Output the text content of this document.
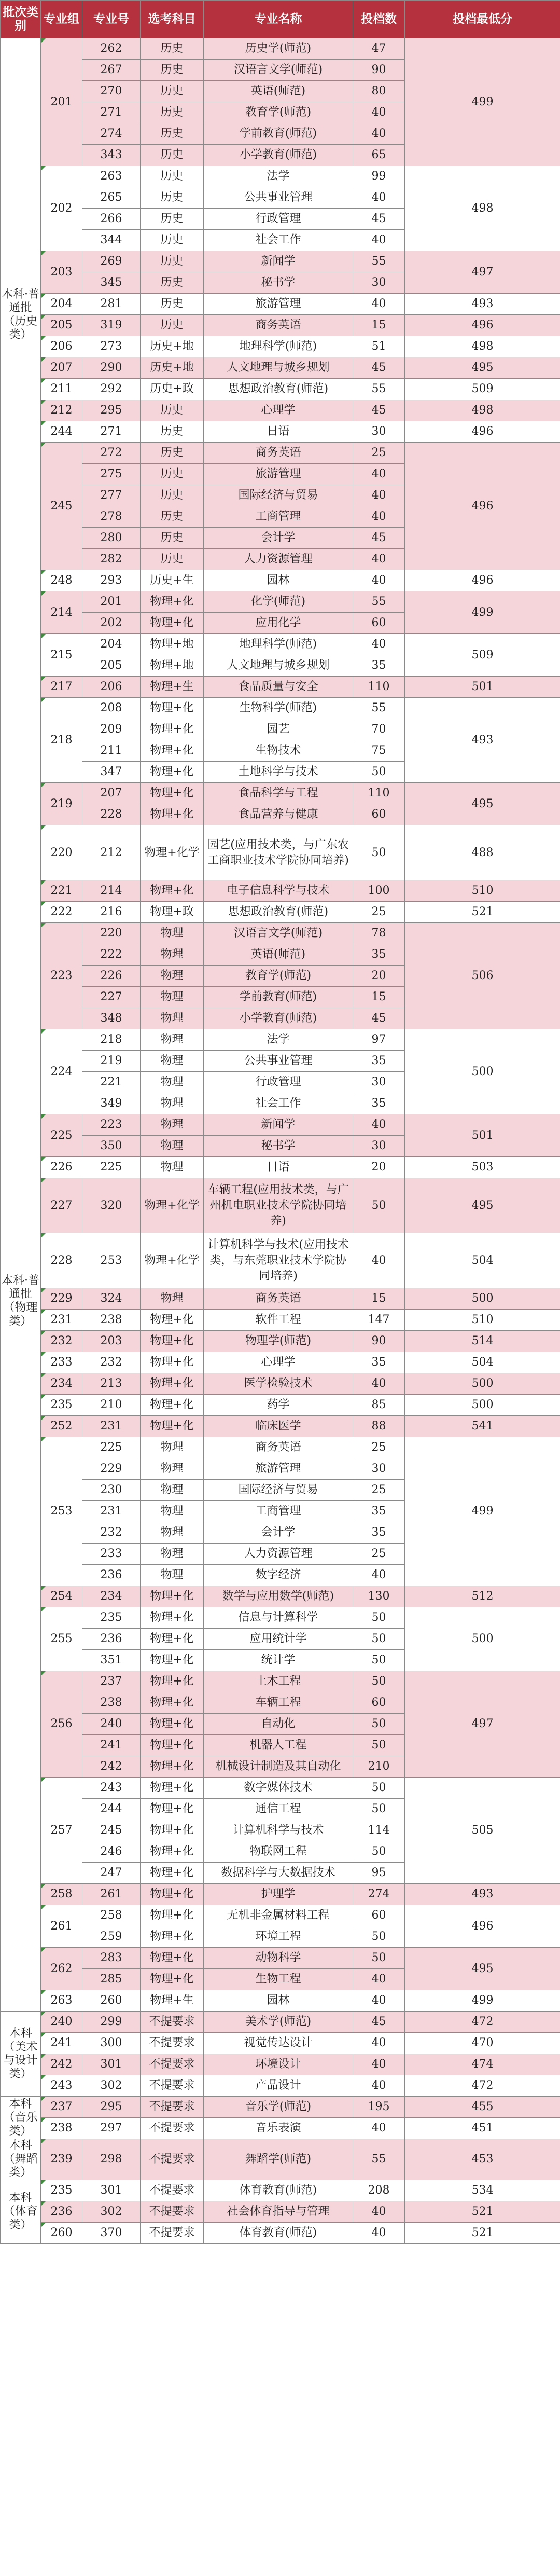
批次类别	专业组	专业号	选考科目	专业名称	投档数	投档最低分
本科·普通批（历史类）	201	262	历史	历史学(师范)	47	499
		267	历史	汉语言文学(师范)	90	
		270	历史	英语(师范)	80	
		271	历史	教育学(师范)	40	
		274	历史	学前教育(师范)	40	
		343	历史	小学教育(师范)	65	
	202	263	历史	法学	99	498
		265	历史	公共事业管理	40	
		266	历史	行政管理	45	
		344	历史	社会工作	40	
	203	269	历史	新闻学	55	497
		345	历史	秘书学	30	
	204	281	历史	旅游管理	40	493
	205	319	历史	商务英语	15	496
	206	273	历史+地	地理科学(师范)	51	498
	207	290	历史+地	人文地理与城乡规划	45	495
	211	292	历史+政	思想政治教育(师范)	55	509
	212	295	历史	心理学	45	498
	244	271	历史	日语	30	496
	245	272	历史	商务英语	25	496
		275	历史	旅游管理	40	
		277	历史	国际经济与贸易	40	
		278	历史	工商管理	40	
		280	历史	会计学	45	
		282	历史	人力资源管理	40	
	248	293	历史+生	园林	40	496
本科·普通批（物理类）	214	201	物理+化	化学(师范)	55	499
		202	物理+化	应用化学	60	
	215	204	物理+地	地理科学(师范)	40	509
		205	物理+地	人文地理与城乡规划	35	
	217	206	物理+生	食品质量与安全	110	501
	218	208	物理+化	生物科学(师范)	55	493
		209	物理+化	园艺	70	
		211	物理+化	生物技术	75	
		347	物理+化	土地科学与技术	50	
	219	207	物理+化	食品科学与工程	110	495
		228	物理+化	食品营养与健康	60	
	220	212	物理+化学	园艺(应用技术类，与广东农工商职业技术学院协同培养)	50	488
	221	214	物理+化	电子信息科学与技术	100	510
	222	216	物理+政	思想政治教育(师范)	25	521
	223	220	物理	汉语言文学(师范)	78	506
		222	物理	英语(师范)	35	
		226	物理	教育学(师范)	20	
		227	物理	学前教育(师范)	15	
		348	物理	小学教育(师范)	45	
	224	218	物理	法学	97	500
		219	物理	公共事业管理	35	
		221	物理	行政管理	30	
		349	物理	社会工作	35	
	225	223	物理	新闻学	40	501
		350	物理	秘书学	30	
	226	225	物理	日语	20	503
	227	320	物理+化学	车辆工程(应用技术类，与广州机电职业技术学院协同培养)	50	495
	228	253	物理+化学	计算机科学与技术(应用技术类，与东莞职业技术学院协同培养)	40	504
	229	324	物理	商务英语	15	500
	231	238	物理+化	软件工程	147	510
	232	203	物理+化	物理学(师范)	90	514
	233	232	物理+化	心理学	35	504
	234	213	物理+化	医学检验技术	40	500
	235	210	物理+化	药学	85	500
	252	231	物理+化	临床医学	88	541
	253	225	物理	商务英语	25	499
		229	物理	旅游管理	30	
		230	物理	国际经济与贸易	25	
		231	物理	工商管理	35	
		232	物理	会计学	35	
		233	物理	人力资源管理	25	
		236	物理	数字经济	40	
	254	234	物理+化	数学与应用数学(师范)	130	512
	255	235	物理+化	信息与计算科学	50	500
		236	物理+化	应用统计学	50	
		351	物理+化	统计学	50	
	256	237	物理+化	土木工程	50	497
		238	物理+化	车辆工程	60	
		240	物理+化	自动化	50	
		241	物理+化	机器人工程	50	
		242	物理+化	机械设计制造及其自动化	210	
	257	243	物理+化	数字媒体技术	50	505
		244	物理+化	通信工程	50	
		245	物理+化	计算机科学与技术	114	
		246	物理+化	物联网工程	50	
		247	物理+化	数据科学与大数据技术	95	
	258	261	物理+化	护理学	274	493
	261	258	物理+化	无机非金属材料工程	60	496
		259	物理+化	环境工程	50	
	262	283	物理+化	动物科学	50	495
		285	物理+化	生物工程	40	
	263	260	物理+生	园林	40	499
本科（美术与设计类）	240	299	不提要求	美术学(师范)	45	472
	241	300	不提要求	视觉传达设计	40	470
	242	301	不提要求	环境设计	40	474
	243	302	不提要求	产品设计	40	472
本科（音乐类）	237	295	不提要求	音乐学(师范)	195	455
	238	297	不提要求	音乐表演	40	451
本科（舞蹈类）	239	298	不提要求	舞蹈学(师范)	55	453
本科（体育类）	235	301	不提要求	体育教育(师范)	208	534
	236	302	不提要求	社会体育指导与管理	40	521
	260	370	不提要求	体育教育(师范)	40	521
